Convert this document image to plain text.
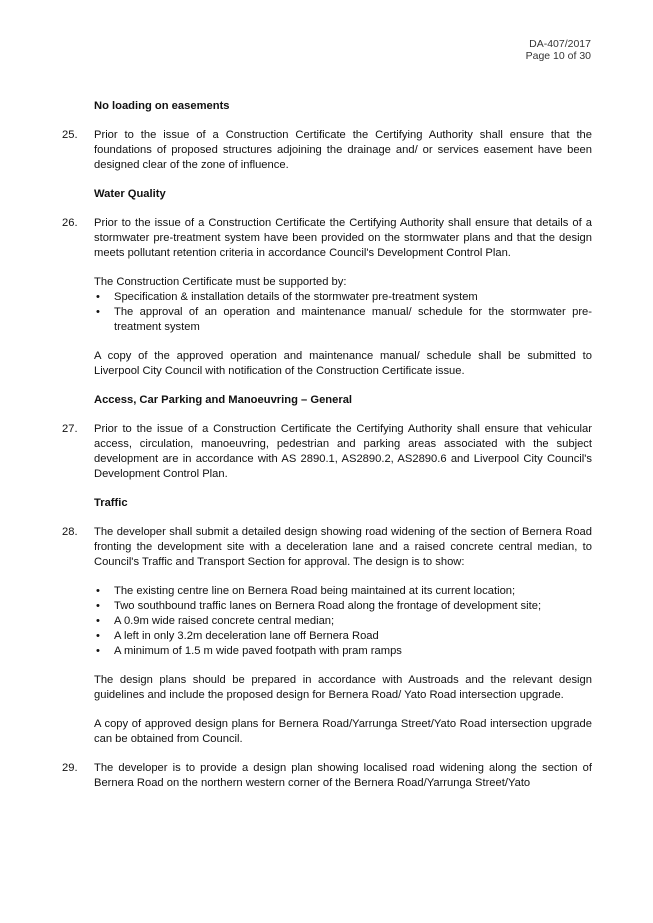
DA-407/2017
Page 10 of 30
No loading on easements
25.	Prior to the issue of a Construction Certificate the Certifying Authority shall ensure that the foundations of proposed structures adjoining the drainage and/ or services easement have been designed clear of the zone of influence.

Water Quality
26.	Prior to the issue of a Construction Certificate the Certifying Authority shall ensure that details of a stormwater pre-treatment system have been provided on the stormwater plans and that the design meets pollutant retention criteria in accordance Council's Development Control Plan.

The Construction Certificate must be supported by:
• Specification & installation details of the stormwater pre-treatment system
• The approval of an operation and maintenance manual/ schedule for the stormwater pre-treatment system

A copy of the approved operation and maintenance manual/ schedule shall be submitted to Liverpool City Council with notification of the Construction Certificate issue.

Access, Car Parking and Manoeuvring – General
27.	Prior to the issue of a Construction Certificate the Certifying Authority shall ensure that vehicular access, circulation, manoeuvring, pedestrian and parking areas associated with the subject development are in accordance with AS 2890.1, AS2890.2, AS2890.6 and Liverpool City Council's Development Control Plan.

Traffic
28.	The developer shall submit a detailed design showing road widening of the section of Bernera Road fronting the development site with a deceleration lane and a raised concrete central median, to Council's Traffic and Transport Section for approval. The design is to show:

• The existing centre line on Bernera Road being maintained at its current location;
• Two southbound traffic lanes on Bernera Road along the frontage of development site;
• A 0.9m wide raised concrete central median;
• A left in only 3.2m deceleration lane off Bernera Road
• A minimum of 1.5 m wide paved footpath with pram ramps

The design plans should be prepared in accordance with Austroads and the relevant design guidelines and include the proposed design for Bernera Road/ Yato Road intersection upgrade.

A copy of approved design plans for Bernera Road/Yarrunga Street/Yato Road intersection upgrade can be obtained from Council.

29.	The developer is to provide a design plan showing localised road widening along the section of Bernera Road on the northern western corner of the Bernera Road/Yarrunga Street/Yato
